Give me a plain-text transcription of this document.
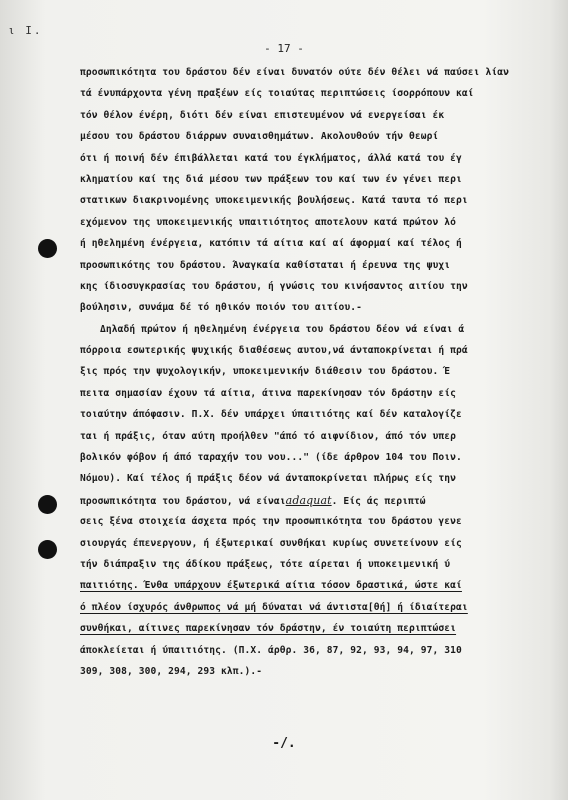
ι Ι.
- 17 -
προσωπικότητα του δράστου δέν είναι δυνατόν ούτε δέν θέλει νά παύσει λίαν
τά ένυπάρχοντα γένη πραξέων είς τοιαύτας περιπτώσεις ίσορρόπουν καί
τόν θέλον ένέρη, διότι δέν είναι επιστευμένον νά ενεργείσαι έκ
μέσου του δράστου διάρρων συναισθημάτων. Ακολουθούν τήν θεωρί
ότι ή ποινή δέν έπιβάλλεται κατά του έγκλήματος, άλλά κατά του έγ
κληματίου καί της διά μέσου των πράξεων του καί των έν γένει περι
στατικων διακρινομένης υποκειμενικής βουλήσεως. Κατά ταυτα τό περι
εχόμενον της υποκειμενικής υπαιτιότητος αποτελουν κατά πρώτον λό
ή ηθελημένη ένέργεια, κατόπιν τά αίτια καί αί άφορμαί καί τέλος ή
προσωπικότης του δράστου. Άναγκαία καθίσταται ή έρευνα της ψυχι
κης ίδιοσυγκρασίας του δράστου, ή γνώσις του κινήσαντος αιτίου την
βούλησιν, συνάμα δέ τό ηθικόν ποιόν του αιτίου.-
Δηλαδή πρώτον ή ηθελημένη ένέργεια του δράστου δέον νά είναι ά
πόρροια εσωτερικής ψυχικής διαθέσεως αυτου,νά άνταποκρίνεται ή πρά
ξις πρός την ψυχολογικήν, υποκειμενικήν διάθεσιν του δράστου. Έ
πειτα σημασίαν έχουν τά αίτια, άτινα παρεκίνησαν τόν δράστην είς
τοιαύτην άπόφασιν. Π.Χ. δέν υπάρχει ύπαιτιότης καί δέν καταλογίζε
ται ή πράξις, όταν αύτη προήλθεν "άπό τό αιφνίδιον, άπό τόν υπερ
βολικόν φόβον ή άπό ταραχήν του νου..." (ίδε άρθρον 104 του Ποιν.
Νόμου). Καί τέλος ή πράξις δέον νά άνταποκρίνεται πλήρως είς την
προσωπικότητα του δράστου, νά είναιadaquat. Είς άς περιπτώ
σεις ξένα στοιχεία άσχετα πρός την προσωπικότητα του δράστου γενε
σιουργάς έπενεργουν, ή έξωτερικαί συνθήκαι κυρίως συνετείνουν είς
τήν διάπραξιν της άδίκου πράξεως, τότε αίρεται ή υποκειμενική ύ
παιτιότης. Ένθα υπάρχουν έξωτερικά αίτια τόσον δραστικά, ώστε καί
ό πλέον ίσχυρός άνθρωπος νά μή δύναται νά άντιστα[θή] ή ίδιαίτεραι
συνθήκαι, αίτινες παρεκίνησαν τόν δράστην, έν τοιαύτη περιπτώσει
άποκλείεται ή ύπαιτιότης. (Π.Χ. άρθρ. 36, 87, 92, 93, 94, 97, 310
309, 308, 300, 294, 293 κλπ.).-
-/.
